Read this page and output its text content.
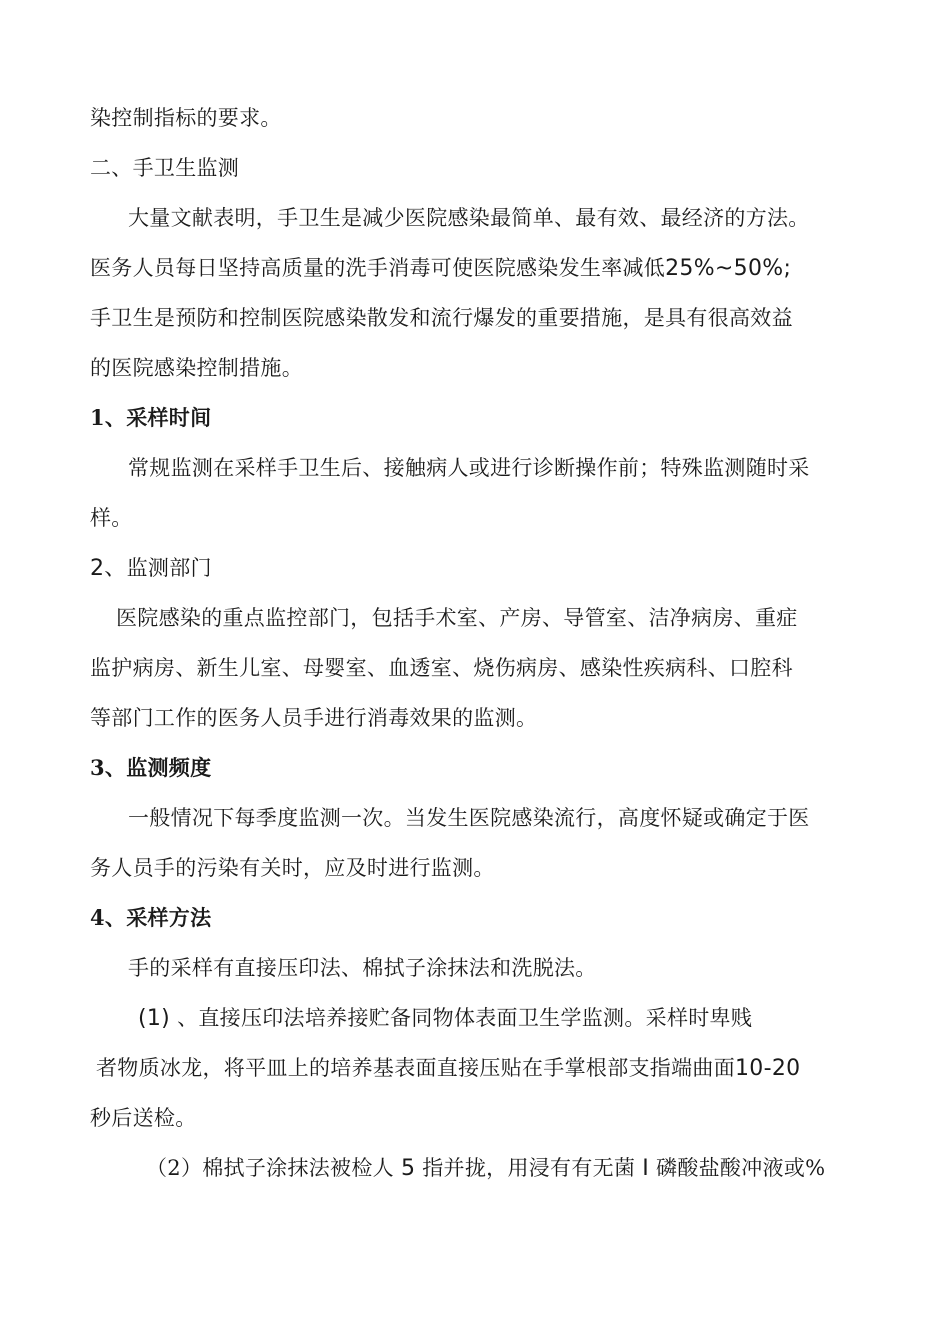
染控制指标的要求。
二、手卫生监测
大量文献表明，手卫生是减少医院感染最简单、最有效、最经济的方法。
医务人员每日坚持高质量的洗手消毒可使医院感染发生率减低25%~50%;
手卫生是预防和控制医院感染散发和流行爆发的重要措施，是具有很高效益
的医院感染控制措施。
1、采样时间
常规监测在采样手卫生后、接触病人或进行诊断操作前；特殊监测随时采
样。
2、监测部门
医院感染的重点监控部门，包括手术室、产房、导管室、洁净病房、重症
监护病房、新生儿室、母婴室、血透室、烧伤病房、感染性疾病科、口腔科
等部门工作的医务人员手进行消毒效果的监测。
3、监测频度
一般情况下每季度监测一次。当发生医院感染流行，高度怀疑或确定于医
务人员手的污染有关时，应及时进行监测。
4、采样方法
手的采样有直接压印法、棉拭子涂抹法和洗脱法。
(1) 、直接压印法培养接贮备同物体表面卫生学监测。采样时卑贱
者物质冰龙，将平皿上的培养基表面直接压贴在手掌根部支指端曲面10-20
秒后送检。
（2）棉拭子涂抹法被检人 5 指并拢，用浸有有无菌 I 磷酸盐酸冲液或%
